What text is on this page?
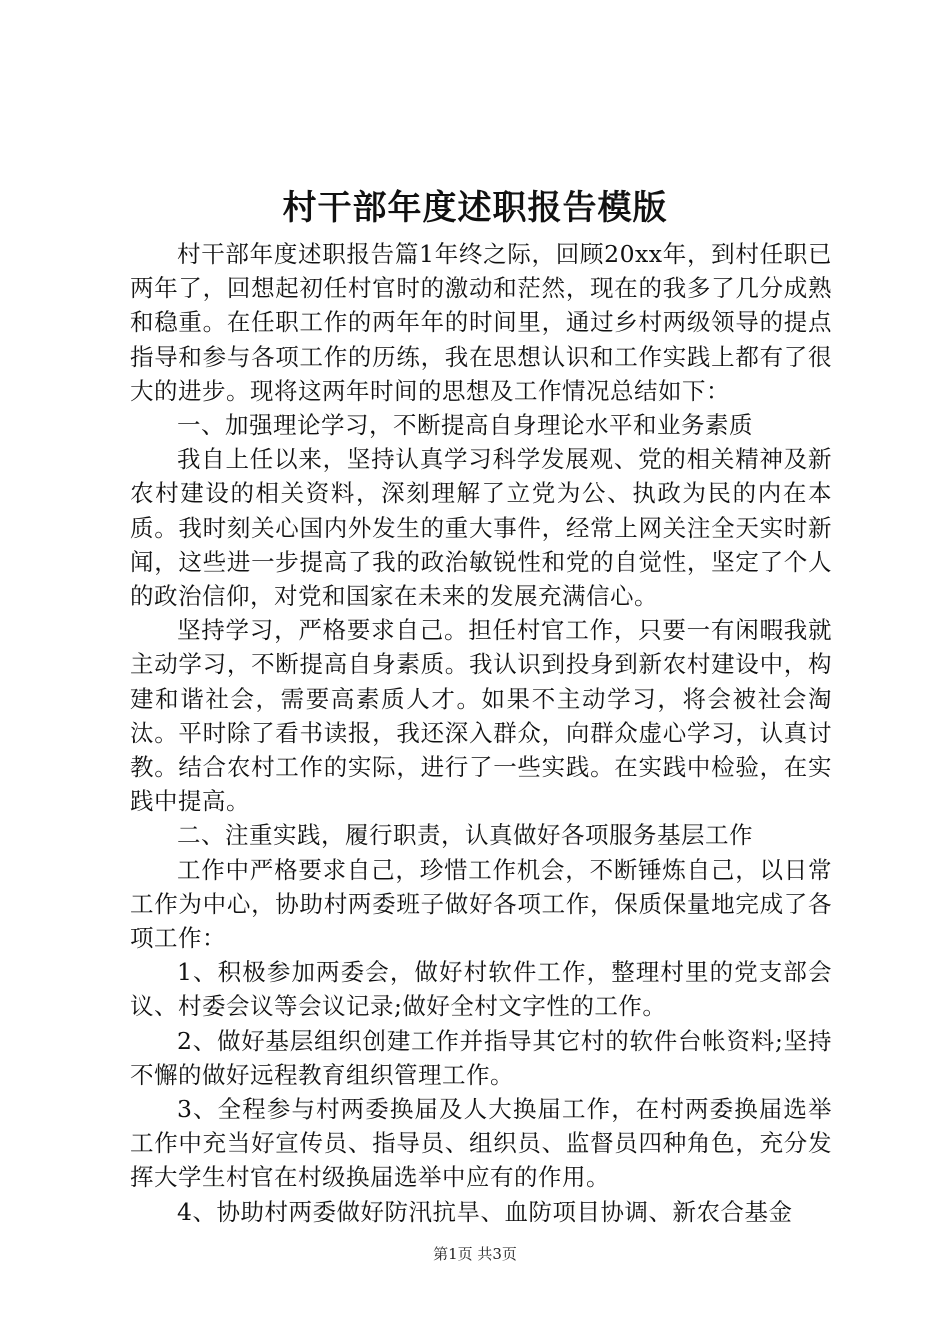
村干部年度述职报告模版

村干部年度述职报告篇1年终之际，回顾20xx年，到村任职已两年了，回想起初任村官时的激动和茫然，现在的我多了几分成熟和稳重。在任职工作的两年年的时间里，通过乡村两级领导的提点指导和参与各项工作的历练，我在思想认识和工作实践上都有了很大的进步。现将这两年时间的思想及工作情况总结如下：

一、加强理论学习，不断提高自身理论水平和业务素质

我自上任以来，坚持认真学习科学发展观、党的相关精神及新农村建设的相关资料，深刻理解了立党为公、执政为民的内在本质。我时刻关心国内外发生的重大事件，经常上网关注全天实时新闻，这些进一步提高了我的政治敏锐性和党的自觉性，坚定了个人的政治信仰，对党和国家在未来的发展充满信心。

坚持学习，严格要求自己。担任村官工作，只要一有闲暇我就主动学习，不断提高自身素质。我认识到投身到新农村建设中，构建和谐社会，需要高素质人才。如果不主动学习，将会被社会淘汰。平时除了看书读报，我还深入群众，向群众虚心学习，认真讨教。结合农村工作的实际，进行了一些实践。在实践中检验，在实践中提高。

二、注重实践，履行职责，认真做好各项服务基层工作

工作中严格要求自己，珍惜工作机会，不断锤炼自己，以日常工作为中心，协助村两委班子做好各项工作，保质保量地完成了各项工作：

1、积极参加两委会，做好村软件工作，整理村里的党支部会议、村委会议等会议记录;做好全村文字性的工作。

2、做好基层组织创建工作并指导其它村的软件台帐资料;坚持不懈的做好远程教育组织管理工作。

3、全程参与村两委换届及人大换届工作，在村两委换届选举工作中充当好宣传员、指导员、组织员、监督员四种角色，充分发挥大学生村官在村级换届选举中应有的作用。

4、协助村两委做好防汛抗旱、血防项目协调、新农合基金

第1页 共3页
